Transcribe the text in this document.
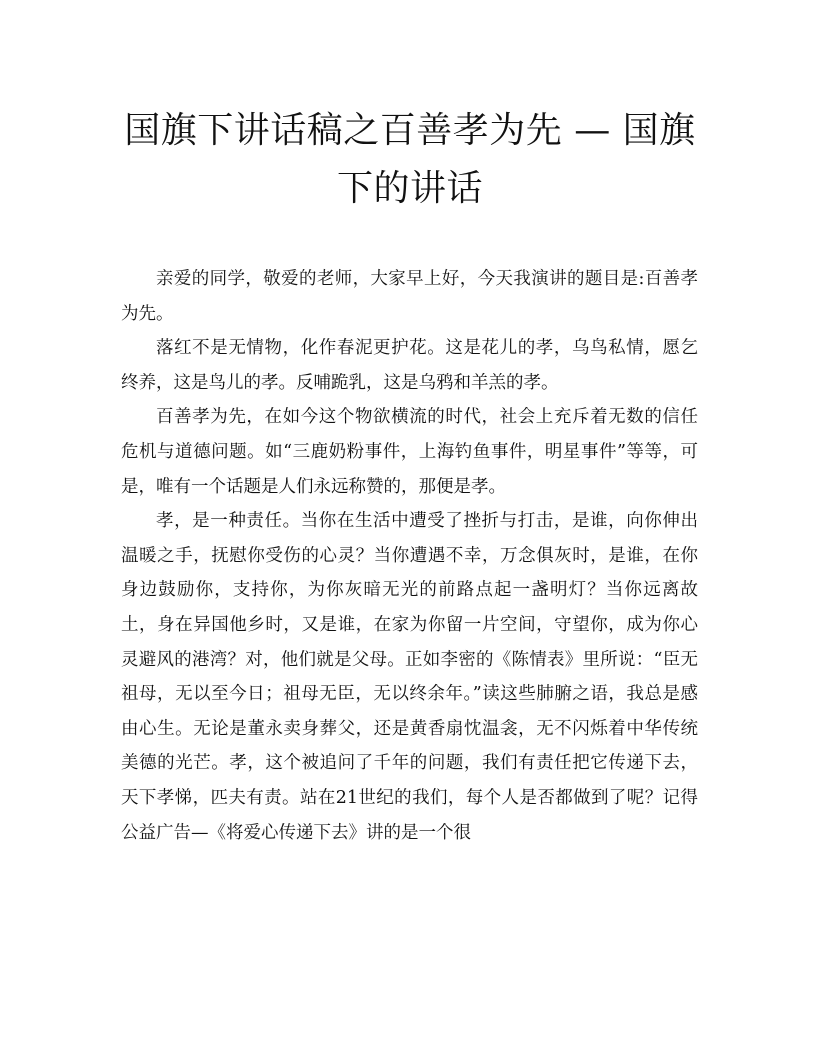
国旗下讲话稿之百善孝为先 — 国旗下的讲话

亲爱的同学，敬爱的老师，大家早上好，今天我演讲的题目是:百善孝为先。

落红不是无情物，化作春泥更护花。这是花儿的孝，乌鸟私情，愿乞终养，这是鸟儿的孝。反哺跪乳，这是乌鸦和羊羔的孝。

百善孝为先，在如今这个物欲横流的时代，社会上充斥着无数的信任危机与道德问题。如“三鹿奶粉事件，上海钓鱼事件，明星事件”等等，可是，唯有一个话题是人们永远称赞的，那便是孝。

孝，是一种责任。当你在生活中遭受了挫折与打击，是谁，向你伸出温暖之手，抚慰你受伤的心灵？当你遭遇不幸，万念俱灰时，是谁，在你身边鼓励你，支持你，为你灰暗无光的前路点起一盏明灯？当你远离故土，身在异国他乡时，又是谁，在家为你留一片空间，守望你，成为你心灵避风的港湾？对，他们就是父母。正如李密的《陈情表》里所说：“臣无祖母，无以至今日；祖母无臣，无以终余年。”读这些肺腑之语，我总是感由心生。无论是董永卖身葬父，还是黄香扇忱温衾，无不闪烁着中华传统美德的光芒。孝，这个被追问了千年的问题，我们有责任把它传递下去，天下孝悌，匹夫有责。站在21世纪的我们，每个人是否都做到了呢？记得公益广告—《将爱心传递下去》讲的是一个很
